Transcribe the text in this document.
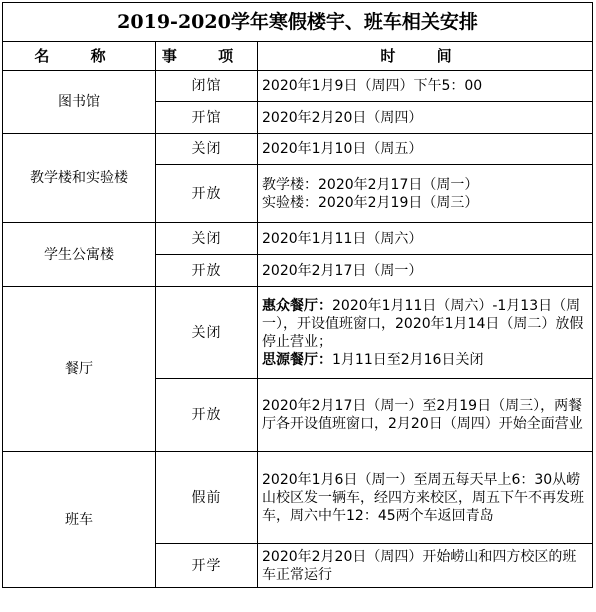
2019-2020学年寒假楼宇、班车相关安排		
名 称	事 项	时 间
图书馆	闭馆	2020年1月9日（周四）下午5：00
	开馆	2020年2月20日（周四）
教学楼和实验楼	关闭	2020年1月10日（周五）
	开放	教学楼：2020年2月17日（周一）
实验楼：2020年2月19日（周三）

学生公寓楼	关闭	2020年1月11日（周六）
	开放	2020年2月17日（周一）
餐厅	关闭	惠众餐厅：2020年1月11日（周六）-1月13日（周一），开设值班窗口，2020年1月14日（周二）放假停止营业；
思源餐厅：1月11日至2月16日关闭
	开放	2020年2月17日（周一）至2月19日（周三），两餐厅各开设值班窗口，2月20日（周四）开始全面营业
班车	假前	2020年1月6日（周一）至周五每天早上6：30从崂山校区发一辆车，经四方来校区，周五下午不再发班车，周六中午12：45两个车返回青岛
	开学	2020年2月20日（周四）开始崂山和四方校区的班车正常运行
